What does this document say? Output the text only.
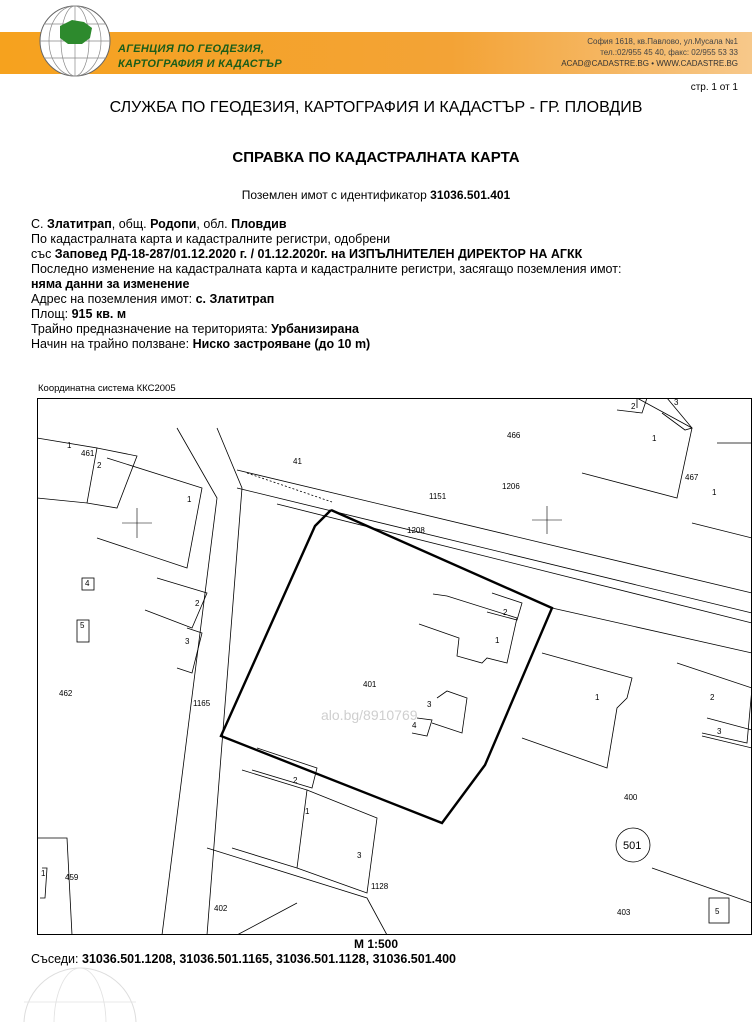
АГЕНЦИЯ ПО ГЕОДЕЗИЯ,
КАРТОГРАФИЯ И КАДАСТЪР
София 1618, кв.Павлово, ул.Мусала №1
тел.:02/955 45 40, факс: 02/955 53 33
ACAD@CADASTRE.BG • WWW.CADASTRE.BG
стр. 1 от 1
СЛУЖБА ПО ГЕОДЕЗИЯ, КАРТОГРАФИЯ И КАДАСТЪР - ГР. ПЛОВДИВ
СПРАВКА ПО КАДАСТРАЛНАТА КАРТА
Поземлен имот с идентификатор 31036.501.401
С. Златитрап, общ. Родопи, обл. Пловдив
По кадастралната карта и кадастралните регистри, одобрени
със Заповед РД-18-287/01.12.2020 г. / 01.12.2020г. на ИЗПЪЛНИТЕЛЕН ДИРЕКТОР НА АГКК
Последно изменение на кадастралната карта и кадастралните регистри, засягащо поземления имот:
няма данни за изменение
Адрес на поземления имот: с. Златитрап
Площ: 915 кв. м
Трайно предназначение на територията: Урбанизирана
Начин на трайно ползване: Ниско застрояване (до 10 m)
Координатна система ККС2005
1
461
2
1
2
3
4
5
462
1165
41
466
2	3
1
467
1
1151
1206
1208
2
1
401
3
4
1	2
3
400
501
2
1
3
1128
459
1
402	403	5
alo.bg/8910769
М 1:500
Съседи: 31036.501.1208, 31036.501.1165, 31036.501.1128, 31036.501.400
